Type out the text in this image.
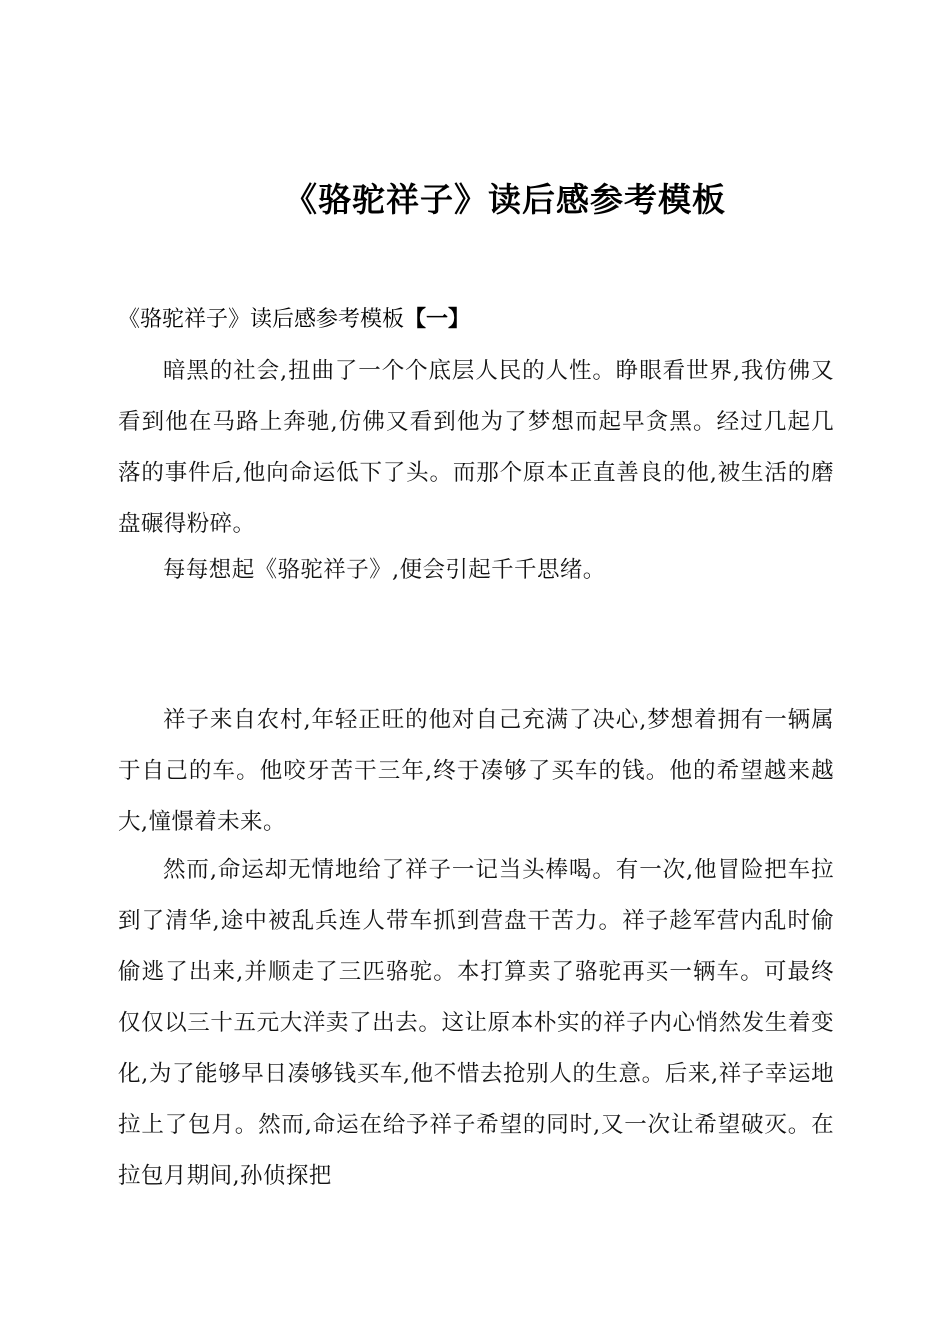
《骆驼祥子》读后感参考模板

《骆驼祥子》读后感参考模板【一】

暗黑的社会,扭曲了一个个底层人民的人性。睁眼看世界,我仿佛又看到他在马路上奔驰,仿佛又看到他为了梦想而起早贪黑。经过几起几落的事件后,他向命运低下了头。而那个原本正直善良的他,被生活的磨盘碾得粉碎。

每每想起《骆驼祥子》,便会引起千千思绪。

祥子来自农村,年轻正旺的他对自己充满了决心,梦想着拥有一辆属于自己的车。他咬牙苦干三年,终于凑够了买车的钱。他的希望越来越大,憧憬着未来。

然而,命运却无情地给了祥子一记当头棒喝。有一次,他冒险把车拉到了清华,途中被乱兵连人带车抓到营盘干苦力。祥子趁军营内乱时偷偷逃了出来,并顺走了三匹骆驼。本打算卖了骆驼再买一辆车。可最终仅仅以三十五元大洋卖了出去。这让原本朴实的祥子内心悄然发生着变化,为了能够早日凑够钱买车,他不惜去抢别人的生意。后来,祥子幸运地拉上了包月。然而,命运在给予祥子希望的同时,又一次让希望破灭。在拉包月期间,孙侦探把
